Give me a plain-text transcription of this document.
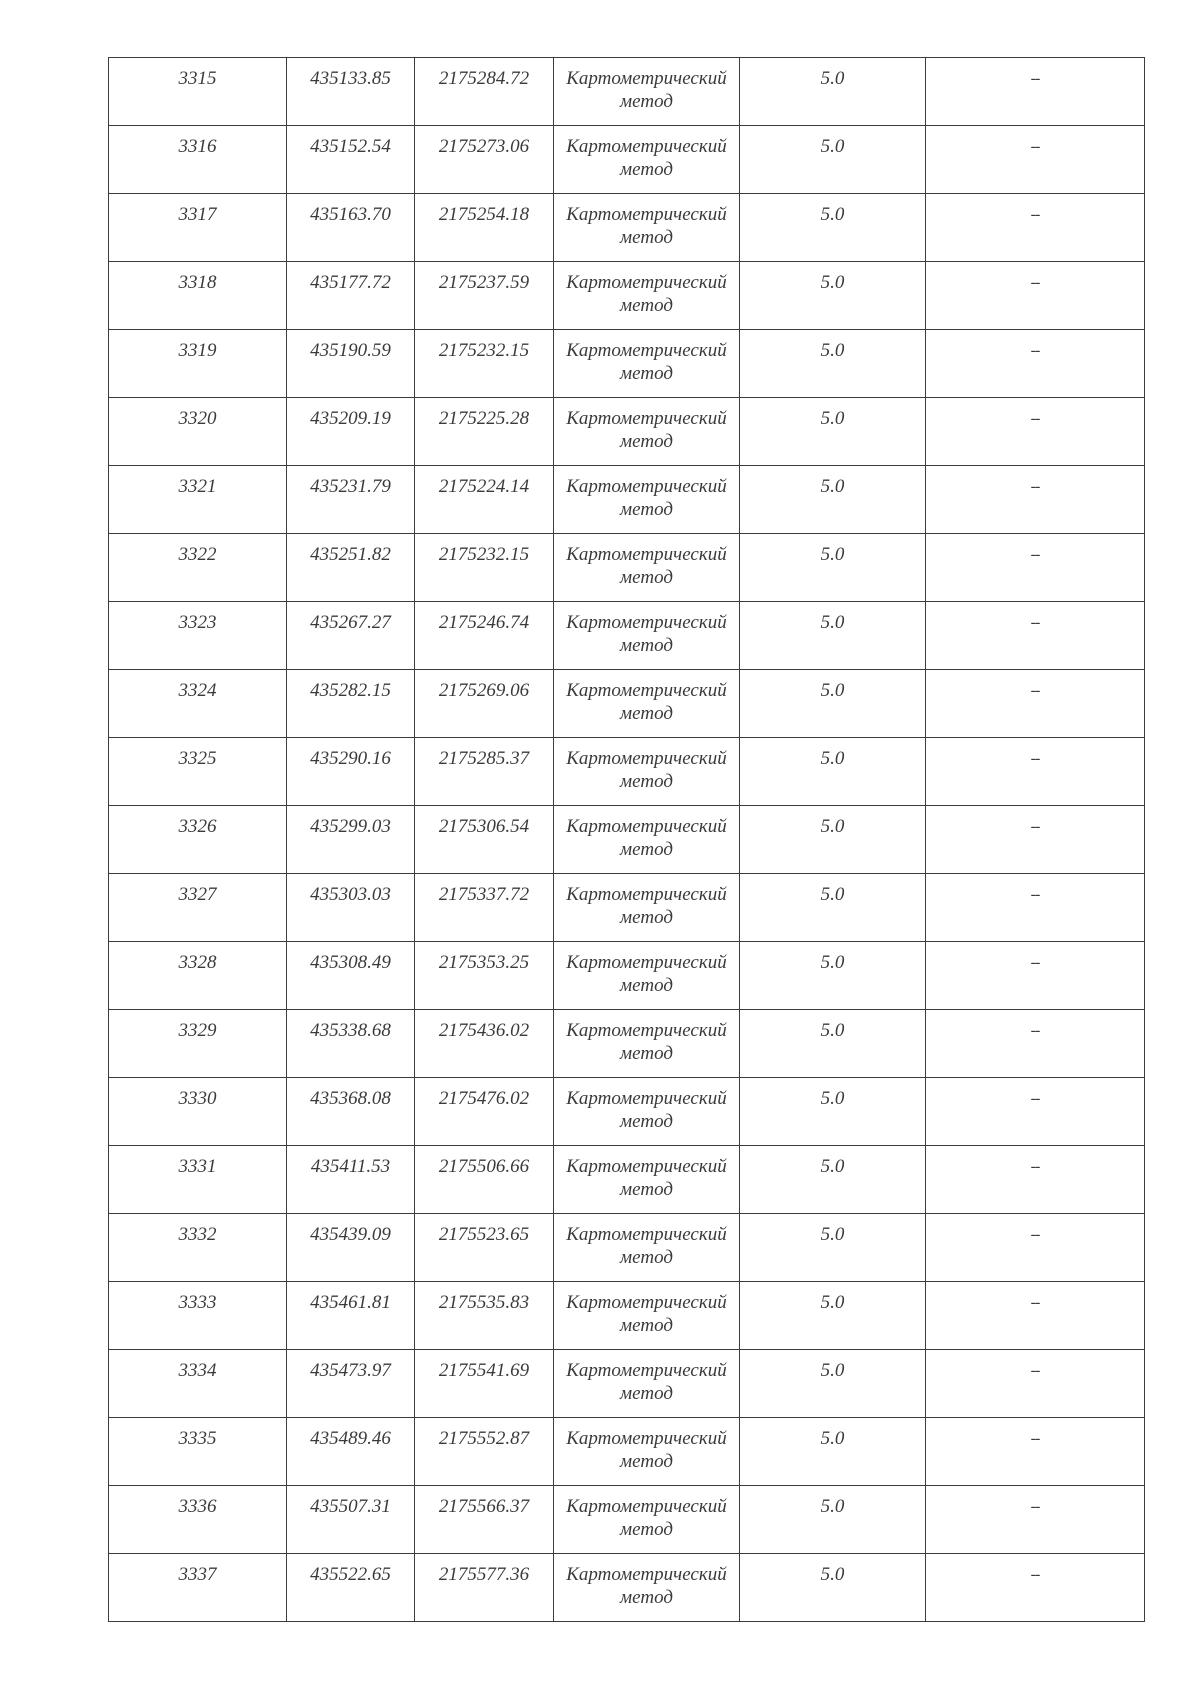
3315	435133.85	2175284.72	Картометрический
метод	5.0	--

3316	435152.54	2175273.06	Картометрический
метод	5.0	--

3317	435163.70	2175254.18	Картометрический
метод	5.0	--

3318	435177.72	2175237.59	Картометрический
метод	5.0	--

3319	435190.59	2175232.15	Картометрический
метод	5.0	--

3320	435209.19	2175225.28	Картометрический
метод	5.0	--

3321	435231.79	2175224.14	Картометрический
метод	5.0	--

3322	435251.82	2175232.15	Картометрический
метод	5.0	--

3323	435267.27	2175246.74	Картометрический
метод	5.0	--

3324	435282.15	2175269.06	Картометрический
метод	5.0	--

3325	435290.16	2175285.37	Картометрический
метод	5.0	--

3326	435299.03	2175306.54	Картометрический
метод	5.0	--

3327	435303.03	2175337.72	Картометрический
метод	5.0	--

3328	435308.49	2175353.25	Картометрический
метод	5.0	--

3329	435338.68	2175436.02	Картометрический
метод	5.0	--

3330	435368.08	2175476.02	Картометрический
метод	5.0	--

3331	435411.53	2175506.66	Картометрический
метод	5.0	--

3332	435439.09	2175523.65	Картометрический
метод	5.0	--

3333	435461.81	2175535.83	Картометрический
метод	5.0	--

3334	435473.97	2175541.69	Картометрический
метод	5.0	--

3335	435489.46	2175552.87	Картометрический
метод	5.0	--

3336	435507.31	2175566.37	Картометрический
метод	5.0	--

3337	435522.65	2175577.36	Картометрический
метод	5.0	--
